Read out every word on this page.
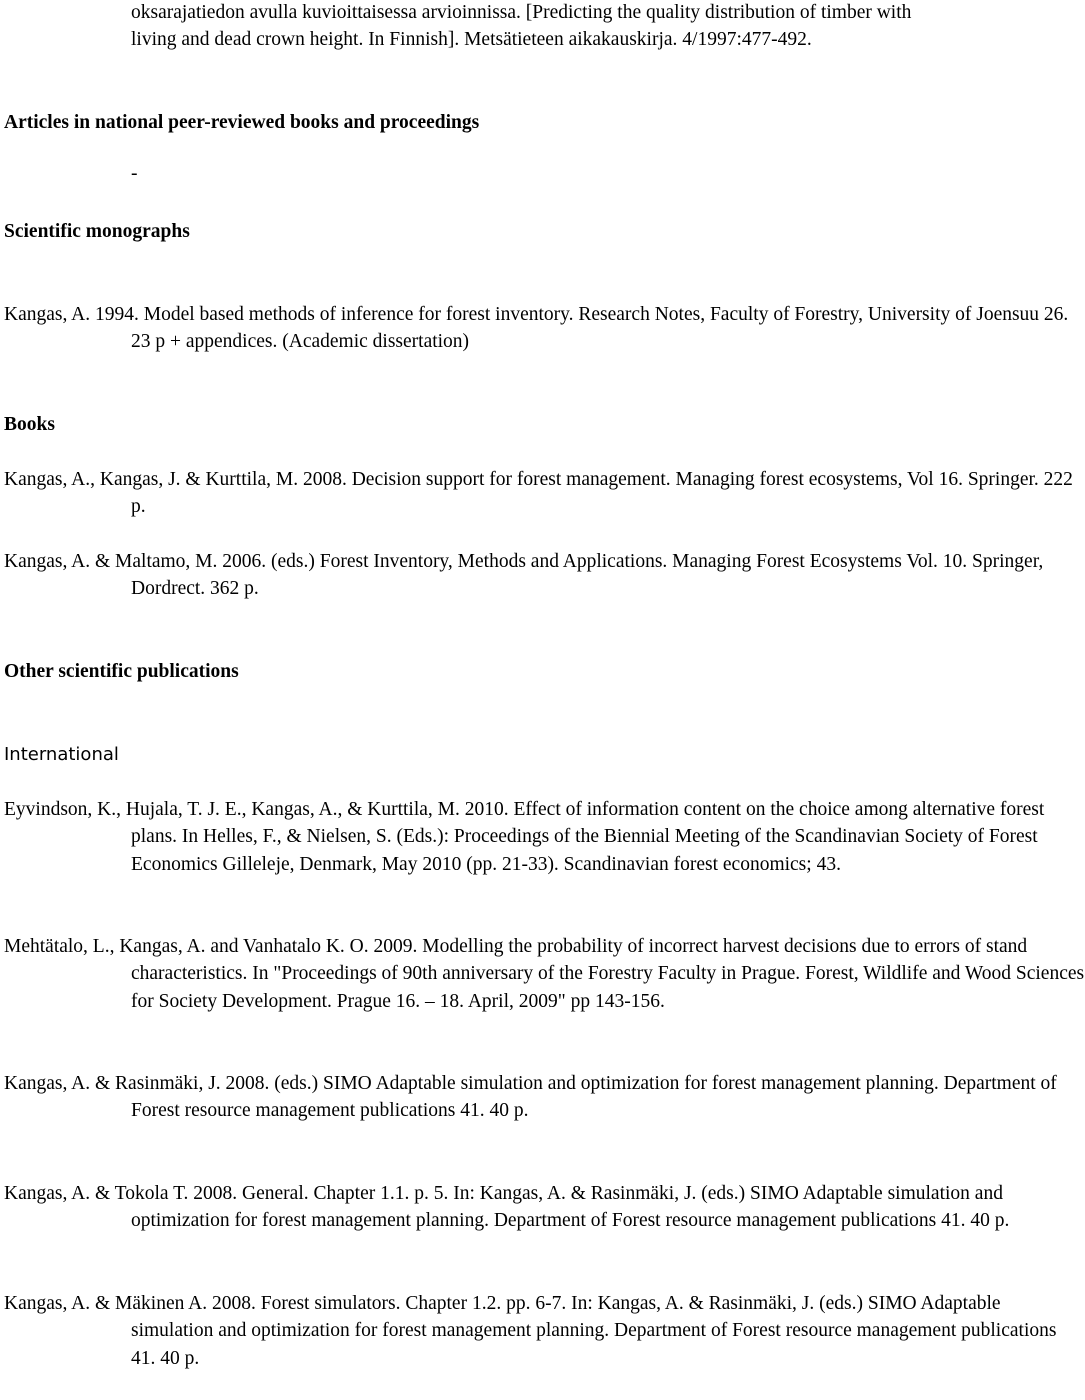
oksarajatiedon avulla kuvioittaisessa arvioinnissa. [Predicting the quality distribution of timber with living and dead crown height. In Finnish]. Metsätieteen aikakauskirja. 4/1997:477-492.

Articles in national peer-reviewed books and proceedings

-

Scientific monographs

Kangas, A. 1994. Model based methods of inference for forest inventory. Research Notes, Faculty of Forestry, University of Joensuu 26. 23 p + appendices. (Academic dissertation)

Books

Kangas, A., Kangas, J. & Kurttila, M. 2008. Decision support for forest management. Managing forest ecosystems, Vol 16. Springer. 222 p.

Kangas, A. & Maltamo, M. 2006. (eds.) Forest Inventory, Methods and Applications. Managing Forest Ecosystems Vol. 10. Springer, Dordrect. 362 p.

Other scientific publications
International

Eyvindson, K., Hujala, T. J. E., Kangas, A., & Kurttila, M. 2010. Effect of information content on the choice among alternative forest plans. In Helles, F., & Nielsen, S. (Eds.): Proceedings of the Biennial Meeting of the Scandinavian Society of Forest Economics Gilleleje, Denmark, May 2010 (pp. 21-33). Scandinavian forest economics; 43.

Mehtätalo, L., Kangas, A. and Vanhatalo K. O. 2009. Modelling the probability of incorrect harvest decisions due to errors of stand characteristics. In "Proceedings of 90th anniversary of the Forestry Faculty in Prague. Forest, Wildlife and Wood Sciences for Society Development. Prague 16. – 18. April, 2009" pp 143-156.

Kangas, A. & Rasinmäki, J. 2008. (eds.) SIMO Adaptable simulation and optimization for forest management planning. Department of Forest resource management publications 41. 40 p.

Kangas, A. & Tokola T. 2008. General. Chapter 1.1. p. 5. In: Kangas, A. & Rasinmäki, J. (eds.) SIMO Adaptable simulation and optimization for forest management planning. Department of Forest resource management publications 41. 40 p.

Kangas, A. & Mäkinen A. 2008. Forest simulators. Chapter 1.2. pp. 6-7. In: Kangas, A. & Rasinmäki, J. (eds.) SIMO Adaptable simulation and optimization for forest management planning. Department of Forest resource management publications 41. 40 p.
